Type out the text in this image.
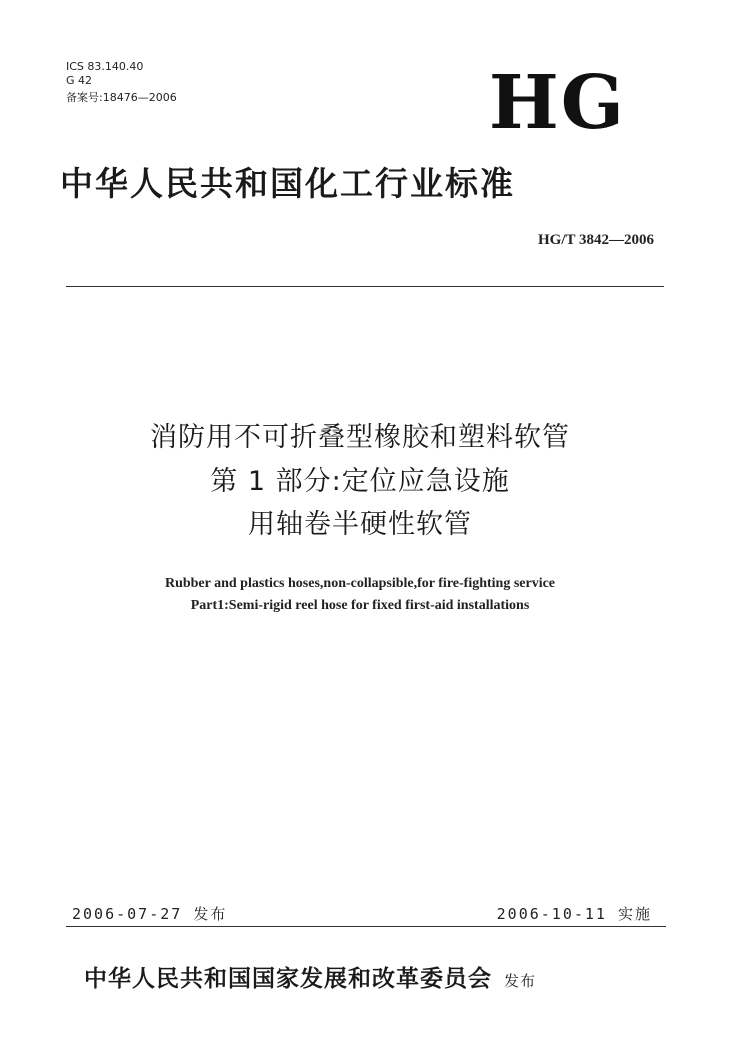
ICS 83.140.40
G 42
备案号:18476—2006	HG
中华人民共和国化工行业标准
HG/T 3842—2006
消防用不可折叠型橡胶和塑料软管
第 1 部分:定位应急设施
用轴卷半硬性软管
Rubber and plastics hoses,non-collapsible,for fire-fighting service
Part1:Semi-rigid reel hose for fixed first-aid installations
2006-07-27 发布	2006-10-11 实施
中华人民共和国国家发展和改革委员会 发布
